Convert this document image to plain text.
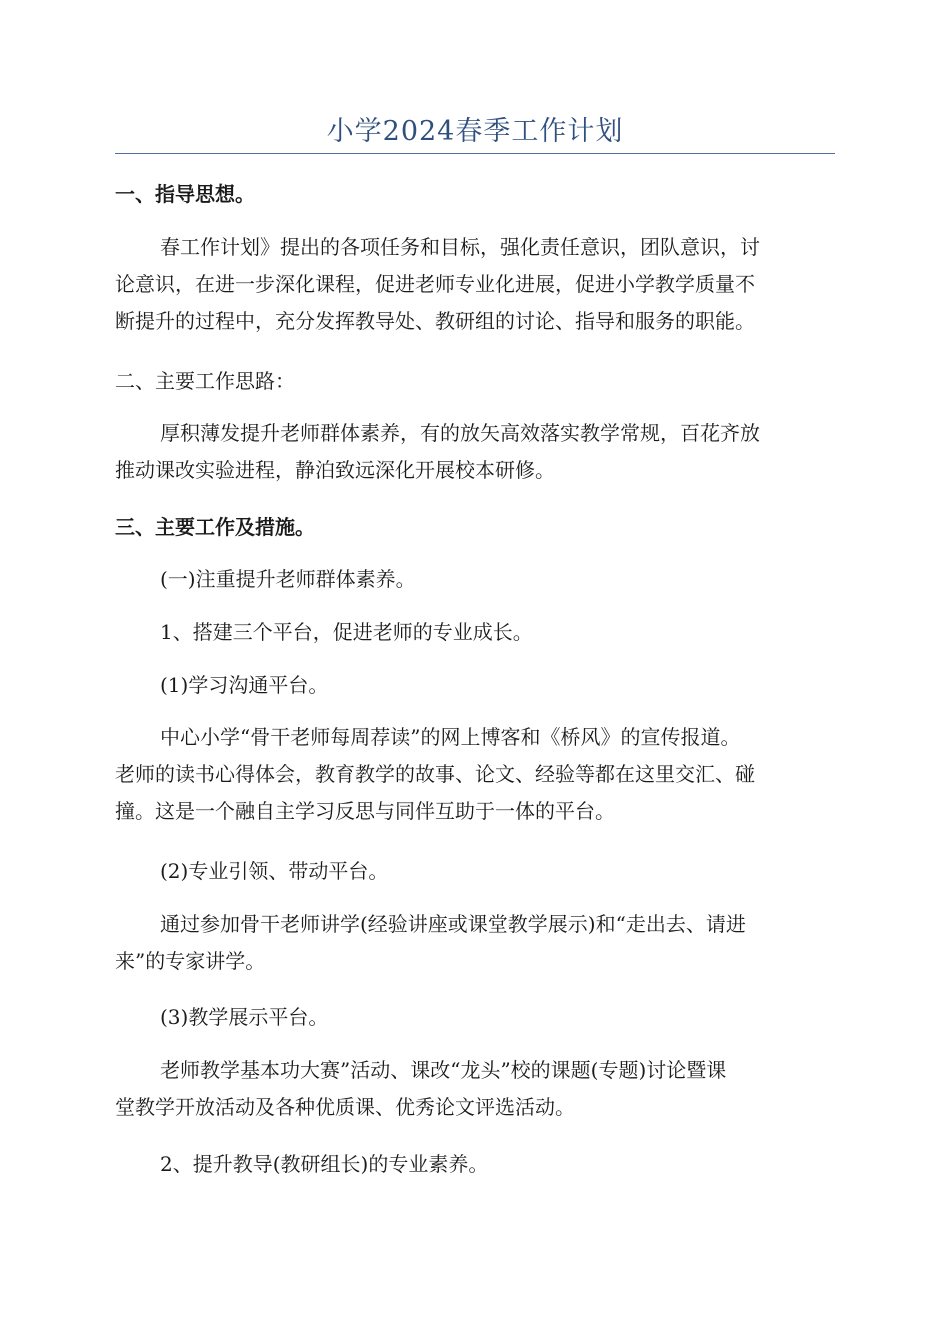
小学2024春季工作计划

一、指导思想。

春工作计划》提出的各项任务和目标，强化责任意识，团队意识，讨
论意识，在进一步深化课程，促进老师专业化进展，促进小学教学质量不
断提升的过程中，充分发挥教导处、教研组的讨论、指导和服务的职能。

二、主要工作思路：

厚积薄发提升老师群体素养，有的放矢高效落实教学常规，百花齐放
推动课改实验进程，静泊致远深化开展校本研修。

三、主要工作及措施。

(一)注重提升老师群体素养。

1、搭建三个平台，促进老师的专业成长。

(1)学习沟通平台。

中心小学“骨干老师每周荐读”的网上博客和《桥风》的宣传报道。
老师的读书心得体会，教育教学的故事、论文、经验等都在这里交汇、碰
撞。这是一个融自主学习反思与同伴互助于一体的平台。

(2)专业引领、带动平台。

通过参加骨干老师讲学(经验讲座或课堂教学展示)和“走出去、请进
来”的专家讲学。

(3)教学展示平台。

老师教学基本功大赛”活动、课改“龙头”校的课题(专题)讨论暨课
堂教学开放活动及各种优质课、优秀论文评选活动。

2、提升教导(教研组长)的专业素养。
